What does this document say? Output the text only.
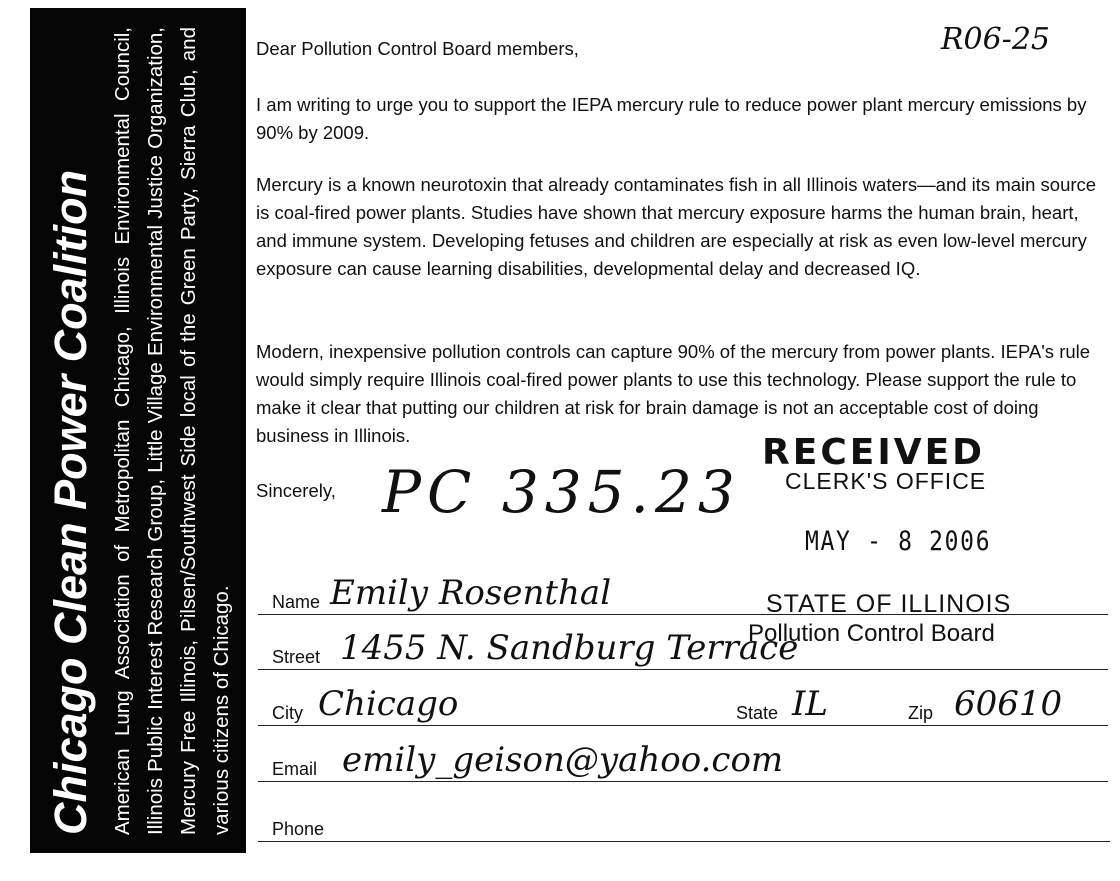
Chicago Clean Power Coalition American Lung Association of Metropolitan Chicago, Illinois Environmental Council, Illinois Public Interest Research Group, Little Village Environmental Justice Organization, Mercury Free Illinois, Pilsen/Southwest Side local of the Green Party, Sierra Club, and various citizens of Chicago.
Dear Pollution Control Board members,	R06-25
I am writing to urge you to support the IEPA mercury rule to reduce power plant mercury emissions by 90% by 2009.
Mercury is a known neurotoxin that already contaminates fish in all Illinois waters—and its main source is coal-fired power plants. Studies have shown that mercury exposure harms the human brain, heart, and immune system. Developing fetuses and children are especially at risk as even low-level mercury exposure can cause learning disabilities, developmental delay and decreased IQ.
Modern, inexpensive pollution controls can capture 90% of the mercury from power plants. IEPA's rule would simply require Illinois coal-fired power plants to use this technology. Please support the rule to make it clear that putting our children at risk for brain damage is not an acceptable cost of doing business in Illinois.
Sincerely, PC 335.23
RECEIVED
CLERK'S OFFICE
MAY - 8 2006
Name Emily Rosenthal	STATE OF ILLINOIS
Pollution Control Board
Street 1455 N. Sandburg Terrace
City Chicago	State IL	Zip 60610
Email emily_geison@yahoo.com
Phone
